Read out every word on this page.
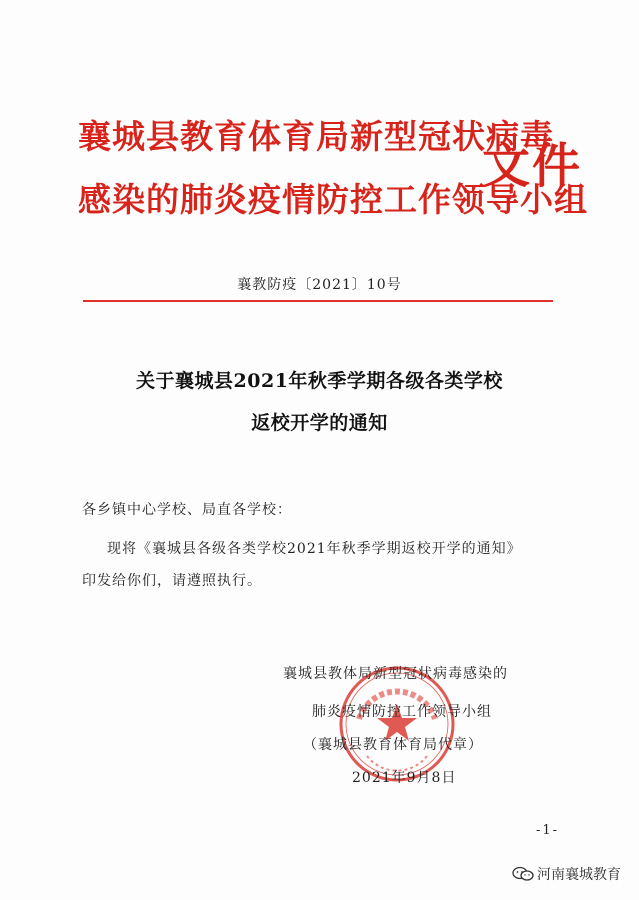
襄城县教育体育局新型冠状病毒
感染的肺炎疫情防控工作领导小组
文件
襄教防疫〔2021〕10号
关于襄城县2021年秋季学期各级各类学校
返校开学的通知
各乡镇中心学校、局直各学校：
现将《襄城县各级各类学校2021年秋季学期返校开学的通知》
印发给你们，请遵照执行。
襄城县教体局新型冠状病毒感染的
肺炎疫情防控工作领导小组
（襄城县教育体育局代章）
2021年9月8日
-1-
河南襄城教育
